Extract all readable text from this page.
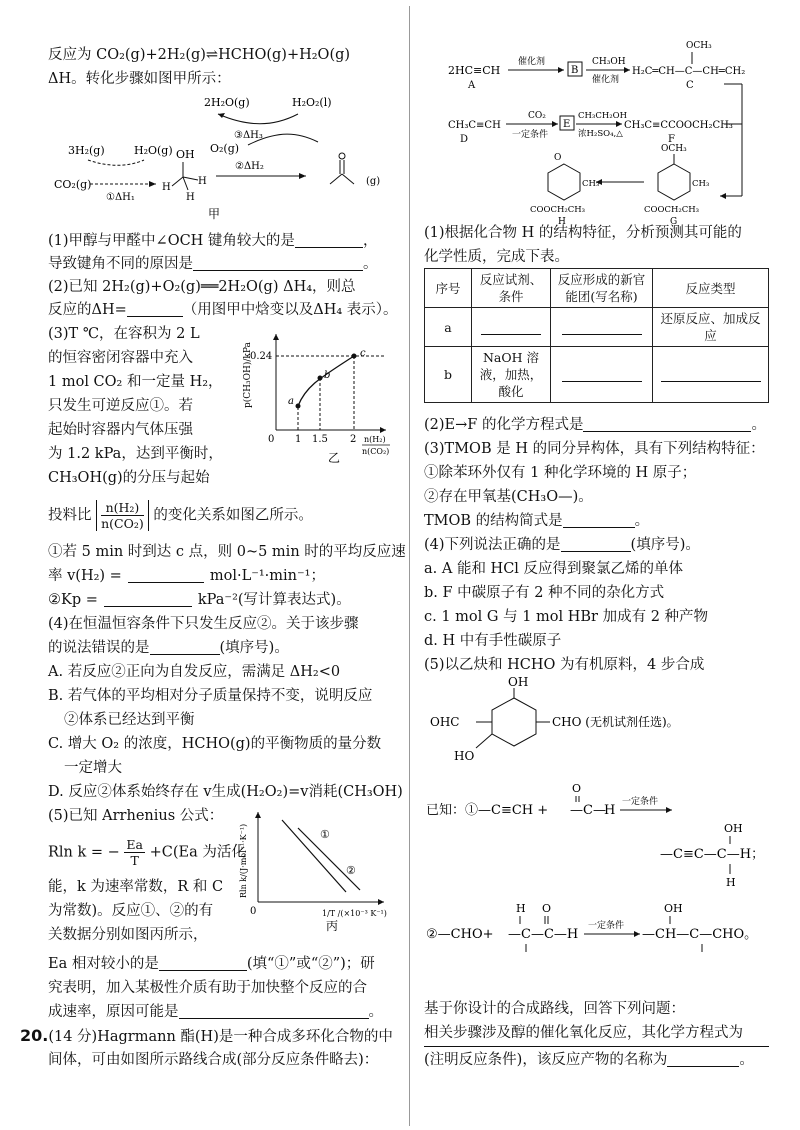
反应为 CO₂(g)+2H₂(g)⇌HCHO(g)+H₂O(g)
ΔH。转化步骤如图甲所示：
H₂O₂(l)
2H₂O(g)
③ΔH₃
O₂(g)
②ΔH₂
3H₂(g)	H₂O(g)
CO₂(g)
①ΔH₁
OH
H
H
H
(g)
甲
(1)甲醇与甲醛中∠OCH 键角较大的是	，
导致键角不同的原因是	。
(2)已知 2H₂(g)+O₂(g)══2H₂O(g) ΔH₄，则总
反应的ΔH=	（用图甲中焓变以及ΔH₄ 表示）。
(3)T ℃，在容积为 2 L
的恒容密闭容器中充入
1 mol CO₂ 和一定量 H₂，
只发生可逆反应①。若
起始时容器内气体压强
为 1.2 kPa，达到平衡时，
CH₃OH(g)的分压与起始
p(CH₃OH)/kPa	a
b
c
0.24
0 1 1.5 2 n(H₂)
n(CO₂)
乙
投料比 $\frac{\text{n(H₂)}}{\text{n(CO₂)}}$ 的变化关系如图乙所示。
①若 5 min 时到达 c 点，则 0~5 min 时的平均反应速
率 v(H₂) =	mol·L⁻¹·min⁻¹；
②Kp =	kPa⁻²(写计算表达式)。
(4)在恒温恒容条件下只发生反应②。关于该步骤
的说法错误的是	(填序号)。
A. 若反应②正向为自发反应，需满足 ΔH₂<0
B. 若气体的平均相对分子质量保持不变，说明反应
②体系已经达到平衡
C. 增大 O₂ 的浓度，HCHO(g)的平衡物质的量分数
一定增大
D. 反应②体系始终存在 v生成(H₂O₂)=v消耗(CH₃OH)
(5)已知 Arrhenius 公式：
Rln k = − $\frac{Ea}{T} +C(Ea$ 为活化
能，k 为速率常数，R 和 C
为常数)。反应①、②的有
关数据分别如图丙所示，
Rln k/(J·mol⁻¹·K⁻¹)	①
②
0	1/T /(×10⁻³ K⁻¹)
丙
Ea 相对较小的是	(填“①”或“②”)；研
究表明，加入某极性介质有助于加快整个反应的合
成速率，原因可能是	。
20.(14 分)Hagrmann 酯(H)是一种合成多环化合物的中
间体，可由如图所示路线合成(部分反应条件略去)：
2HC≡CH
A
催化剂
B
CH₃OH
催化剂
H₂C═CH—C—CH═CH₂
OCH₃
C
CH₃C≡CH
D
CO₂
一定条件
E
CH₃CH₂OH
浓H₂SO₄,△
CH₃C≡CCOOCH₂CH₃
F
OCH₃
CH₃
COOCH₂CH₃
G
O
CH₃
COOCH₂CH₃
H
(1)根据化合物 H 的结构特征，分析预测其可能的
化学性质，完成下表。
序号	反应试剂、条件	反应形成的新官能团(写名称)	反应类型
a			还原反应、加成反应
b	NaOH 溶液，加热，酸化		
(2)E→F 的化学方程式是	。
(3)TMOB 是 H 的同分异构体，具有下列结构特征：
①除苯环外仅有 1 种化学环境的 H 原子；
②存在甲氧基(CH₃O—)。
TMOB 的结构简式是	。
(4)下列说法正确的是	(填序号)。
a. A 能和 HCl 反应得到聚氯乙烯的单体
b. F 中碳原子有 2 种不同的杂化方式
c. 1 mol G 与 1 mol HBr 加成有 2 种产物
d. H 中有手性碳原子
(5)以乙炔和 HCHO 为有机原料，4 步合成
OH
OHC	CHO (无机试剂任选)。
HO
已知：① —C≡CH +
O
—C—
H
一定条件
OH
—C≡C—C—H；
H
H O
②—CHO+ —C—C—H
一定条件
OH
—CH—C—CHO。
基于你设计的合成路线，回答下列问题：
相关步骤涉及醇的催化氧化反应，其化学方程式为
(注明反应条件)，该反应产物的名称为	。
